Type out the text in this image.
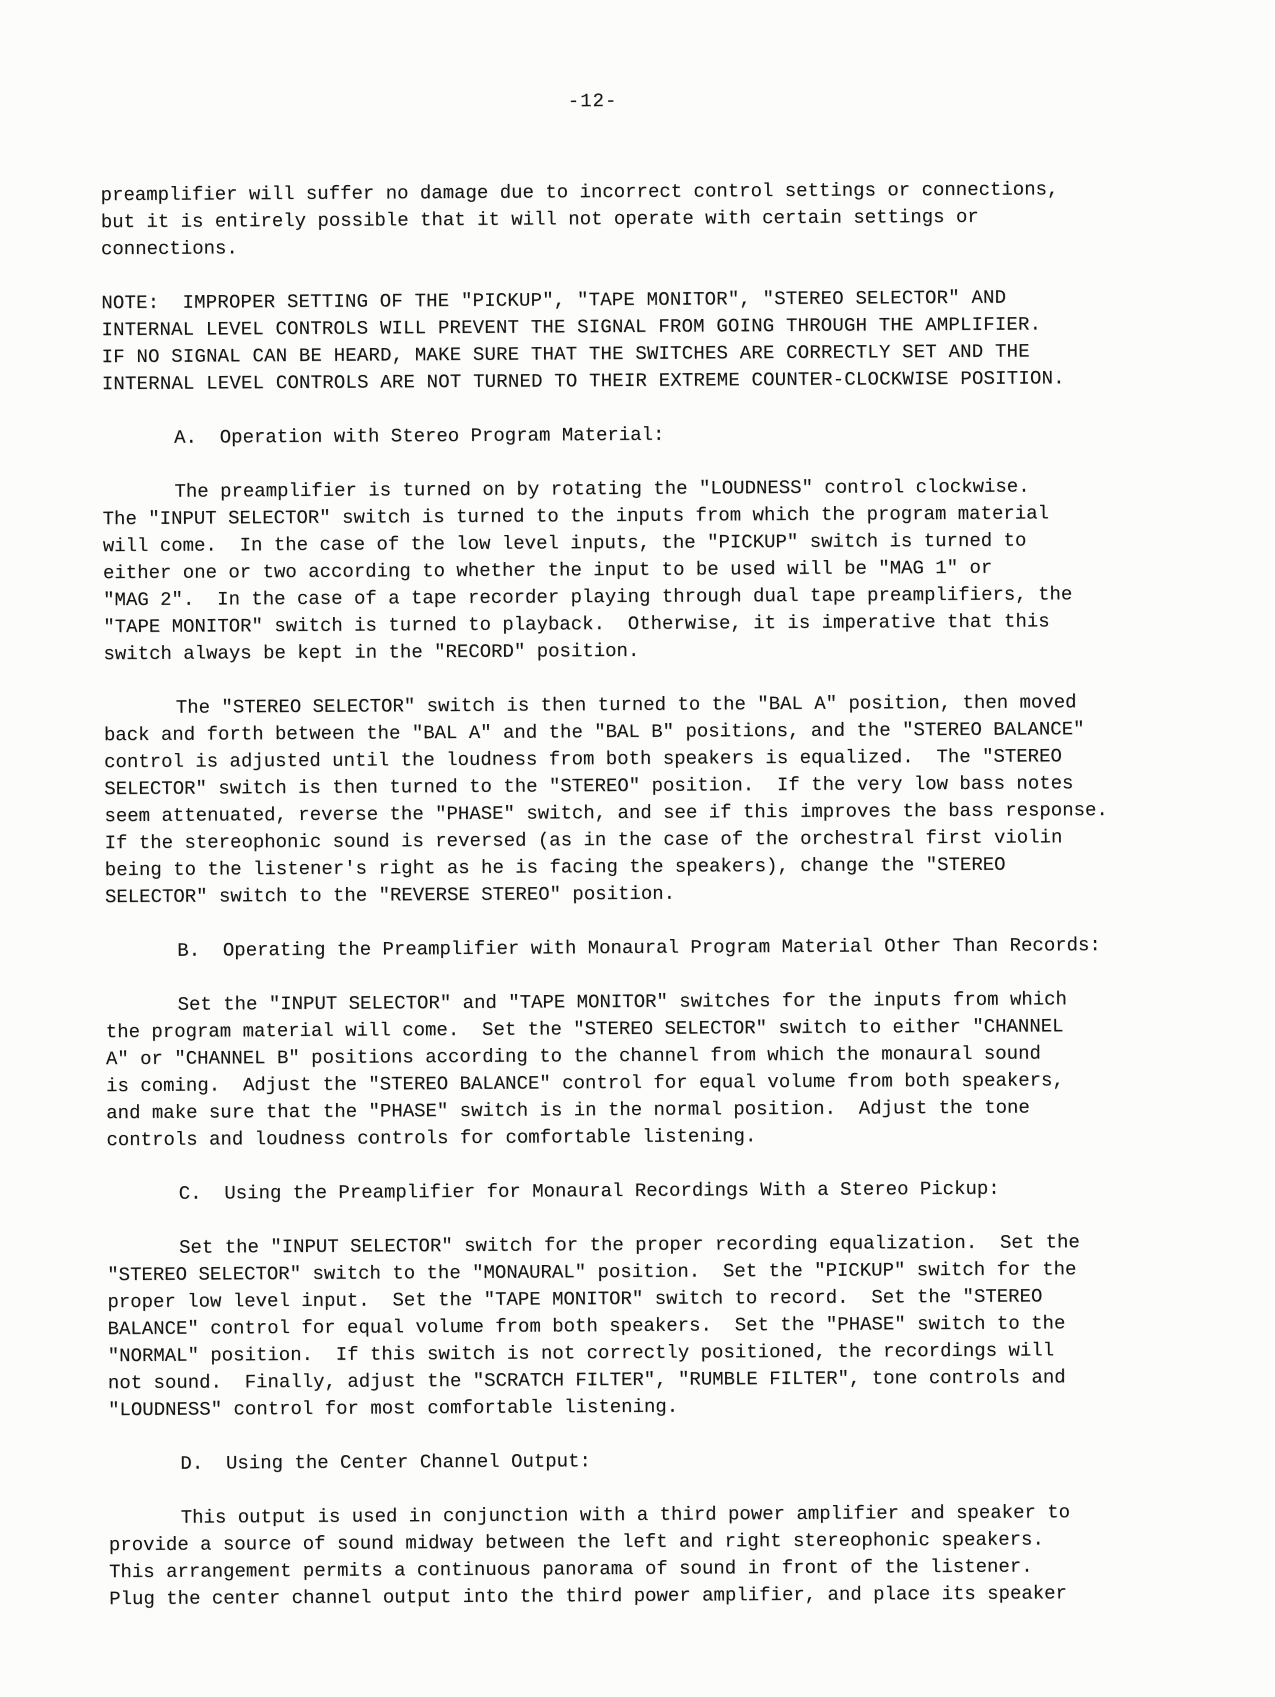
-12-
preamplifier will suffer no damage due to incorrect control settings or connections,
but it is entirely possible that it will not operate with certain settings or
connections.
NOTE:  IMPROPER SETTING OF THE "PICKUP", "TAPE MONITOR", "STEREO SELECTOR" AND
INTERNAL LEVEL CONTROLS WILL PREVENT THE SIGNAL FROM GOING THROUGH THE AMPLIFIER.
IF NO SIGNAL CAN BE HEARD, MAKE SURE THAT THE SWITCHES ARE CORRECTLY SET AND THE
INTERNAL LEVEL CONTROLS ARE NOT TURNED TO THEIR EXTREME COUNTER-CLOCKWISE POSITION.
A.  Operation with Stereo Program Material:
The preamplifier is turned on by rotating the "LOUDNESS" control clockwise.
The "INPUT SELECTOR" switch is turned to the inputs from which the program material
will come.  In the case of the low level inputs, the "PICKUP" switch is turned to
either one or two according to whether the input to be used will be "MAG 1" or
"MAG 2".  In the case of a tape recorder playing through dual tape preamplifiers, the
"TAPE MONITOR" switch is turned to playback.  Otherwise, it is imperative that this
switch always be kept in the "RECORD" position.
The "STEREO SELECTOR" switch is then turned to the "BAL A" position, then moved
back and forth between the "BAL A" and the "BAL B" positions, and the "STEREO BALANCE"
control is adjusted until the loudness from both speakers is equalized.  The "STEREO
SELECTOR" switch is then turned to the "STEREO" position.  If the very low bass notes
seem attenuated, reverse the "PHASE" switch, and see if this improves the bass response.
If the stereophonic sound is reversed (as in the case of the orchestral first violin
being to the listener's right as he is facing the speakers), change the "STEREO
SELECTOR" switch to the "REVERSE STEREO" position.
B.  Operating the Preamplifier with Monaural Program Material Other Than Records:
Set the "INPUT SELECTOR" and "TAPE MONITOR" switches for the inputs from which
the program material will come.  Set the "STEREO SELECTOR" switch to either "CHANNEL
A" or "CHANNEL B" positions according to the channel from which the monaural sound
is coming.  Adjust the "STEREO BALANCE" control for equal volume from both speakers,
and make sure that the "PHASE" switch is in the normal position.  Adjust the tone
controls and loudness controls for comfortable listening.
C.  Using the Preamplifier for Monaural Recordings With a Stereo Pickup:
Set the "INPUT SELECTOR" switch for the proper recording equalization.  Set the
"STEREO SELECTOR" switch to the "MONAURAL" position.  Set the "PICKUP" switch for the
proper low level input.  Set the "TAPE MONITOR" switch to record.  Set the "STEREO
BALANCE" control for equal volume from both speakers.  Set the "PHASE" switch to the
"NORMAL" position.  If this switch is not correctly positioned, the recordings will
not sound.  Finally, adjust the "SCRATCH FILTER", "RUMBLE FILTER", tone controls and
"LOUDNESS" control for most comfortable listening.
D.  Using the Center Channel Output:
This output is used in conjunction with a third power amplifier and speaker to
provide a source of sound midway between the left and right stereophonic speakers.
This arrangement permits a continuous panorama of sound in front of the listener.
Plug the center channel output into the third power amplifier, and place its speaker
